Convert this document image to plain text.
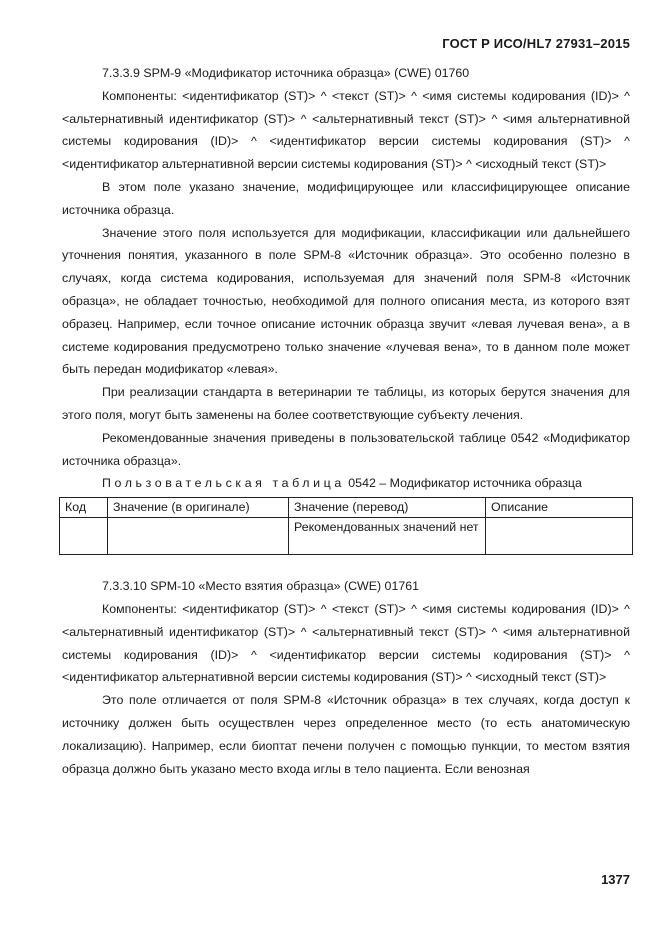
ГОСТ Р ИСО/HL7 27931–2015

7.3.3.9 SPM-9 «Модификатор источника образца» (CWE) 01760

Компоненты: <идентификатор (ST)> ^ <текст (ST)> ^ <имя системы кодирования (ID)> ^ <альтернативный идентификатор (ST)> ^ <альтернативный текст (ST)> ^ <имя альтернативной системы кодирования (ID)> ^ <идентификатор версии системы кодирования (ST)> ^ <идентификатор альтернативной версии системы кодирования (ST)> ^ <исходный текст (ST)>

В этом поле указано значение, модифицирующее или классифицирующее описание источника образца.

Значение этого поля используется для модификации, классификации или дальнейшего уточнения понятия, указанного в поле SPM-8 «Источник образца». Это особенно полезно в случаях, когда система кодирования, используемая для значений поля SPM-8 «Источник образца», не обладает точностью, необходимой для полного описания места, из которого взят образец. Например, если точное описание источник образца звучит «левая лучевая вена», а в системе кодирования предусмотрено только значение «лучевая вена», то в данном поле может быть передан модификатор «левая».

При реализации стандарта в ветеринарии те таблицы, из которых берутся значения для этого поля, могут быть заменены на более соответствующие субъекту лечения.

Рекомендованные значения приведены в пользовательской таблице 0542 «Модификатор источника образца».

Пользовательская таблица 0542 – Модификатор источника образца
Код	Значение (в оригинале)	Значение (перевод)	Описание
		Рекомендованных значений нет	

7.3.3.10 SPM-10 «Место взятия образца» (CWE) 01761

Компоненты: <идентификатор (ST)> ^ <текст (ST)> ^ <имя системы кодирования (ID)> ^ <альтернативный идентификатор (ST)> ^ <альтернативный текст (ST)> ^ <имя альтернативной системы кодирования (ID)> ^ <идентификатор версии системы кодирования (ST)> ^ <идентификатор альтернативной версии системы кодирования (ST)> ^ <исходный текст (ST)>

Это поле отличается от поля SPM-8 «Источник образца» в тех случаях, когда доступ к источнику должен быть осуществлен через определенное место (то есть анатомическую локализацию). Например, если биоптат печени получен с помощью пункции, то местом взятия образца должно быть указано место входа иглы в тело пациента. Если венозная

1377
